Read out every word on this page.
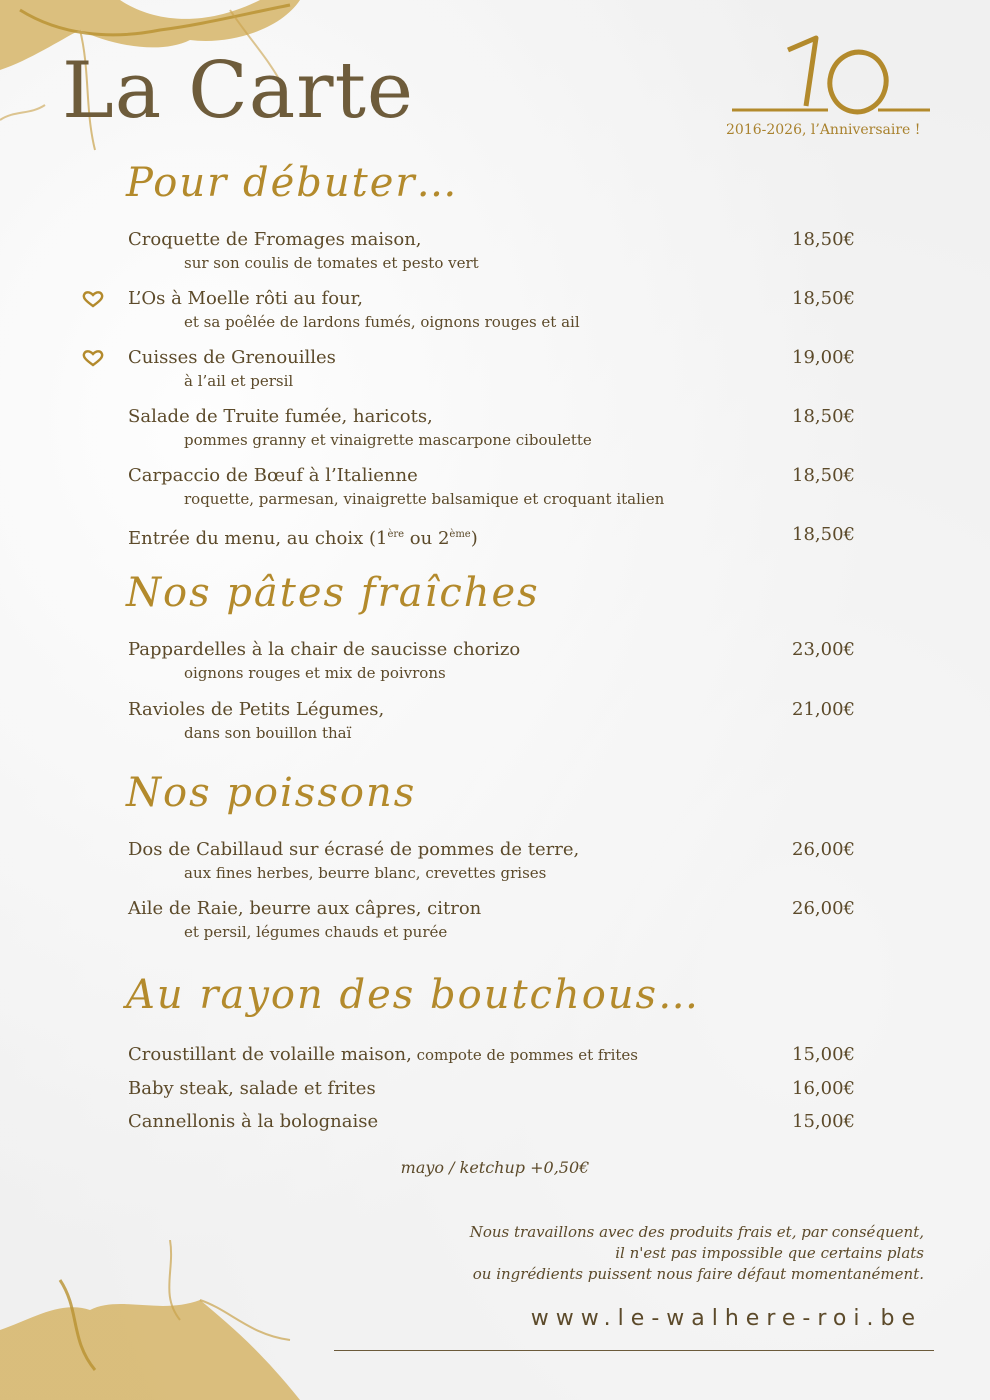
La Carte	2016-2026, l’Anniversaire !
Pour débuter…
Croquette de Fromages maison,
sur son coulis de tomates et pesto vert
18,50€
L’Os à Moelle rôti au four,
et sa poêlée de lardons fumés, oignons rouges et ail
18,50€
Cuisses de Grenouilles
à l’ail et persil
19,00€
Salade de Truite fumée, haricots,
pommes granny et vinaigrette mascarpone ciboulette
18,50€
Carpaccio de Bœuf à l’Italienne
roquette, parmesan, vinaigrette balsamique et croquant italien
18,50€
Entrée du menu, au choix (1ère ou 2ème)	18,50€
Nos pâtes fraîches
Pappardelles à la chair de saucisse chorizo
oignons rouges et mix de poivrons
23,00€
Ravioles de Petits Légumes,
dans son bouillon thaï
21,00€
Nos poissons
Dos de Cabillaud sur écrasé de pommes de terre,
aux fines herbes, beurre blanc, crevettes grises
26,00€
Aile de Raie, beurre aux câpres, citron
et persil, légumes chauds et purée
26,00€
Au rayon des boutchous…
Croustillant de volaille maison, compote de pommes et frites	15,00€
Baby steak, salade et frites	16,00€
Cannellonis à la bolognaise	15,00€
mayo / ketchup +0,50€
Nous travaillons avec des produits frais et, par conséquent,
il n'est pas impossible que certains plats
ou ingrédients puissent nous faire défaut momentanément.
www.le-walhere-roi.be
